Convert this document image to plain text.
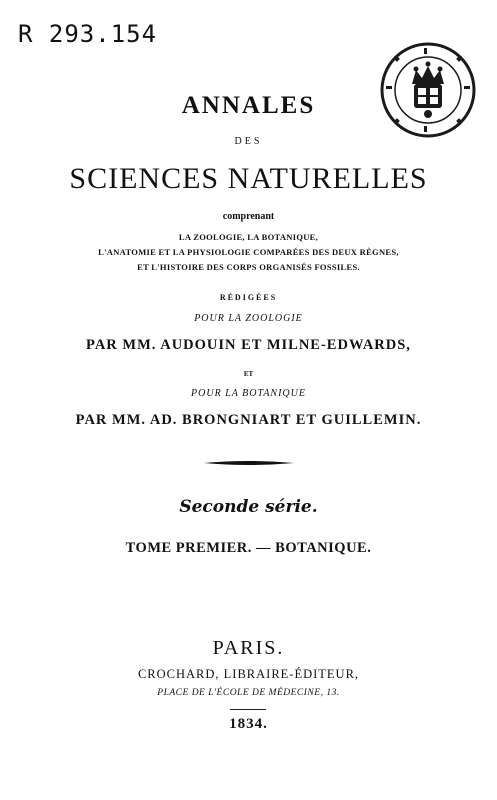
R 293.154
ANNALES
DES
SCIENCES NATURELLES
comprenant
LA ZOOLOGIE, LA BOTANIQUE,
L'ANATOMIE ET LA PHYSIOLOGIE COMPARÉES DES DEUX RÈGNES,
ET L'HISTOIRE DES CORPS ORGANISÉS FOSSILES.
RÉDIGÉES
POUR LA ZOOLOGIE
PAR MM. AUDOUIN ET MILNE-EDWARDS,
ET
POUR LA BOTANIQUE
PAR MM. AD. BRONGNIART ET GUILLEMIN.
Seconde série.
TOME PREMIER. — BOTANIQUE.
PARIS.
CROCHARD, LIBRAIRE-ÉDITEUR,
PLACE DE L'ÉCOLE DE MÉDECINE, 13.
1834.
